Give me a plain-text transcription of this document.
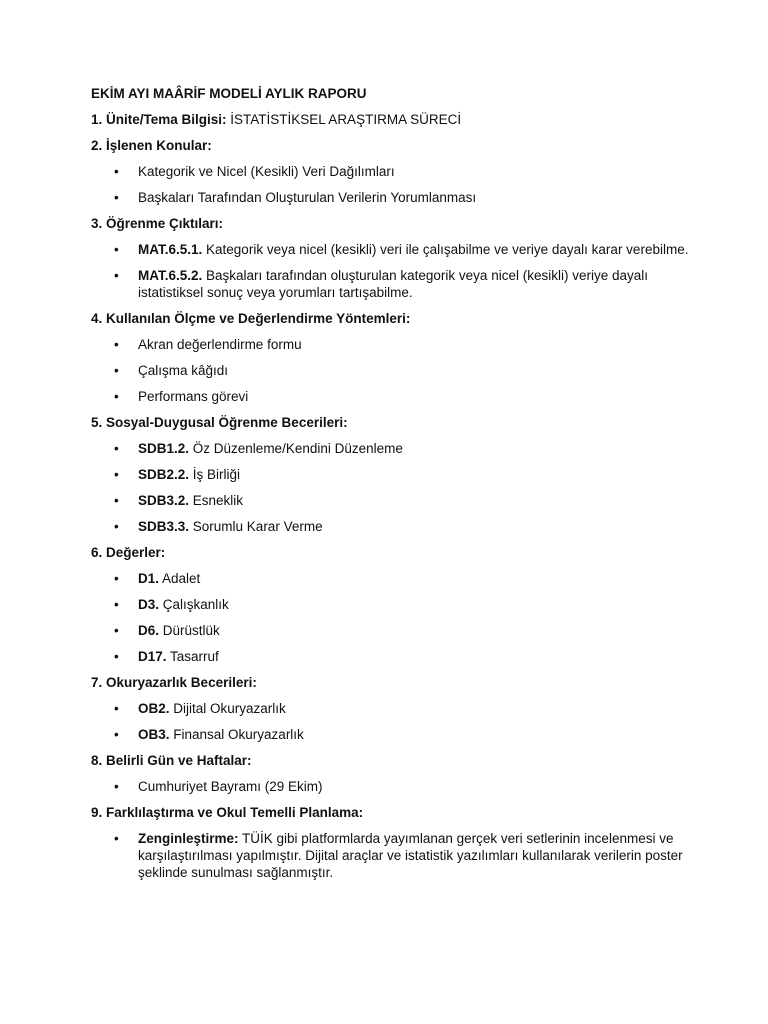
EKİM AYI MAÂRİF MODELİ AYLIK RAPORU
1. Ünite/Tema Bilgisi: İSTATİSTİKSEL ARAŞTIRMA SÜRECİ
2. İşlenen Konular:
• Kategorik ve Nicel (Kesikli) Veri Dağılımları
• Başkaları Tarafından Oluşturulan Verilerin Yorumlanması
3. Öğrenme Çıktıları:
• MAT.6.5.1. Kategorik veya nicel (kesikli) veri ile çalışabilme ve veriye dayalı karar verebilme.
• MAT.6.5.2. Başkaları tarafından oluşturulan kategorik veya nicel (kesikli) veriye dayalı istatistiksel sonuç veya yorumları tartışabilme.
4. Kullanılan Ölçme ve Değerlendirme Yöntemleri:
• Akran değerlendirme formu
• Çalışma kâğıdı
• Performans görevi
5. Sosyal-Duygusal Öğrenme Becerileri:
• SDB1.2. Öz Düzenleme/Kendini Düzenleme
• SDB2.2. İş Birliği
• SDB3.2. Esneklik
• SDB3.3. Sorumlu Karar Verme
6. Değerler:
• D1. Adalet
• D3. Çalışkanlık
• D6. Dürüstlük
• D17. Tasarruf
7. Okuryazarlık Becerileri:
• OB2. Dijital Okuryazarlık
• OB3. Finansal Okuryazarlık
8. Belirli Gün ve Haftalar:
• Cumhuriyet Bayramı (29 Ekim)
9. Farklılaştırma ve Okul Temelli Planlama:
• Zenginleştirme: TÜİK gibi platformlarda yayımlanan gerçek veri setlerinin incelenmesi ve karşılaştırılması yapılmıştır. Dijital araçlar ve istatistik yazılımları kullanılarak verilerin poster şeklinde sunulması sağlanmıştır.
